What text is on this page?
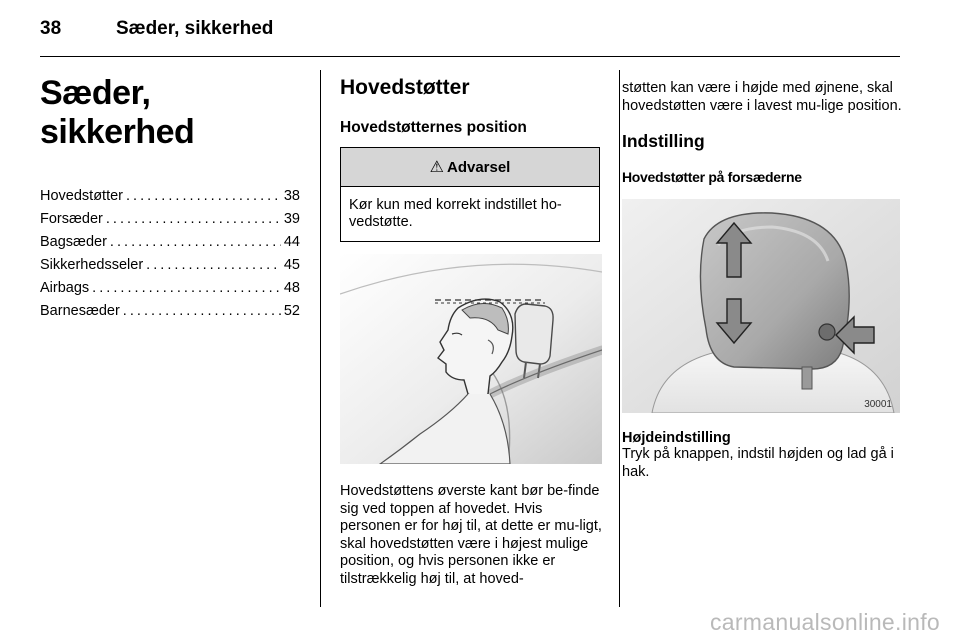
38	Sæder, sikkerhed
Sæder, sikkerhed
Hovedstøtter . . .	38
Forsæder . . .	39
Bagsæder . . .	44
Sikkerhedsseler . . .	45
Airbags . . .	48
Barnesæder . . .	52
Hovedstøtter
Hovedstøtternes position
⚠ Advarsel
Kør kun med korrekt indstillet ho-vedstøtte.
Hovedstøttens øverste kant bør be-finde sig ved toppen af hovedet. Hvis personen er for høj til, at dette er mu-ligt, skal hovedstøtten være i højest mulige position, og hvis personen ikke er tilstrækkelig høj til, at hoved-
støtten kan være i højde med øjnene, skal hovedstøtten være i lavest mu-lige position.
Indstilling
Hovedstøtter på forsæderne
30001
Højdeindstilling
Tryk på knappen, indstil højden og lad gå i hak.
carmanualsonline.info
